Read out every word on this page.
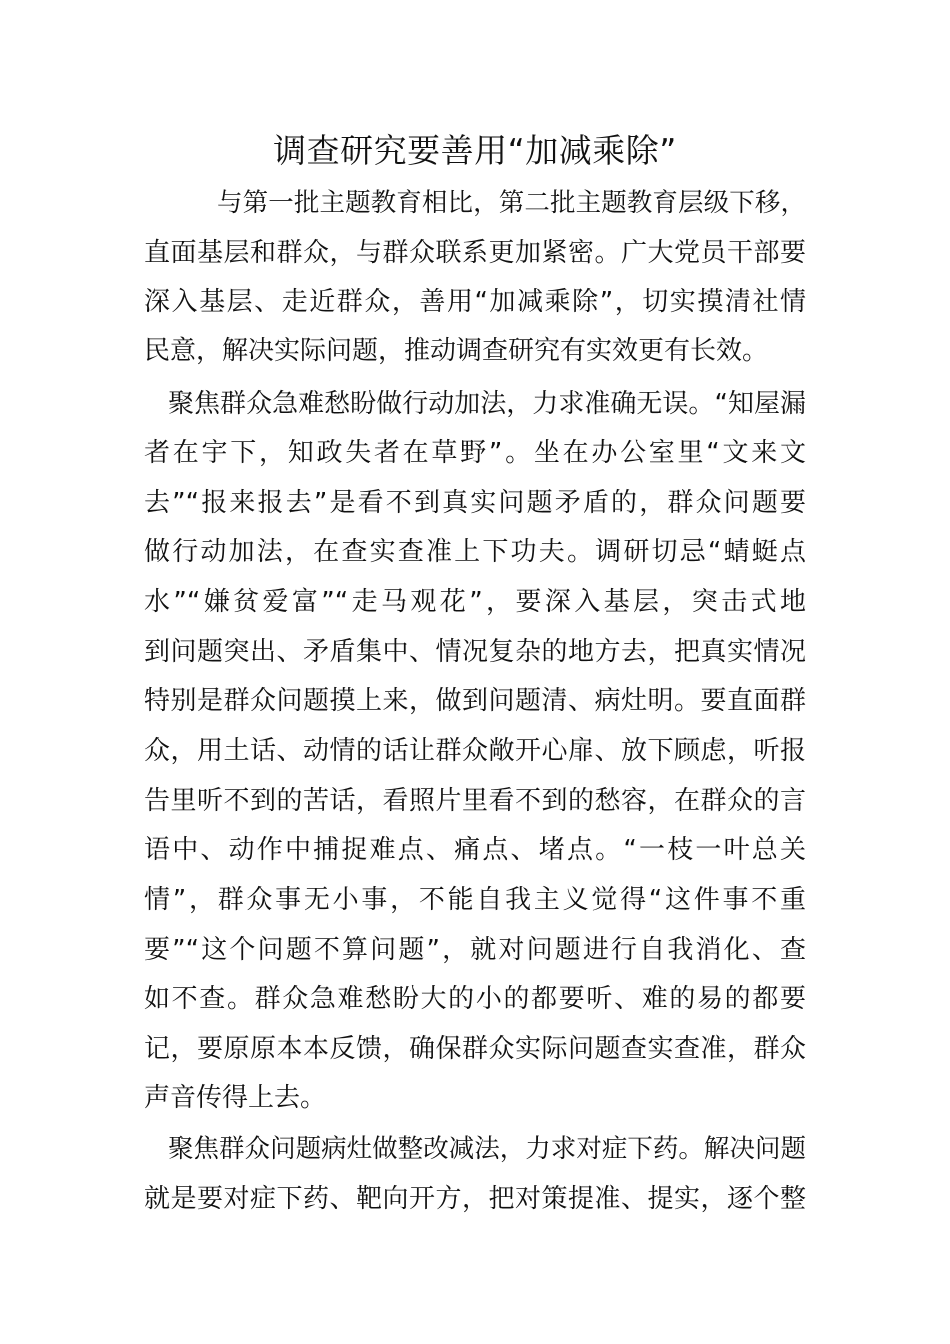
调查研究要善用“加减乘除”

与第一批主题教育相比，第二批主题教育层级下移，

直面基层和群众，与群众联系更加紧密。广大党员干部要

深入基层、走近群众，善用“加减乘除”，切实摸清社情

民意，解决实际问题，推动调查研究有实效更有长效。

聚焦群众急难愁盼做行动加法，力求准确无误。“知屋漏

者在宇下，知政失者在草野”。坐在办公室里“文来文

去”“报来报去”是看不到真实问题矛盾的，群众问题要

做行动加法，在查实查准上下功夫。调研切忌“蜻蜓点

水”“嫌贫爱富”“走马观花”，要深入基层，突击式地

到问题突出、矛盾集中、情况复杂的地方去，把真实情况

特别是群众问题摸上来，做到问题清、病灶明。要直面群

众，用土话、动情的话让群众敞开心扉、放下顾虑，听报

告里听不到的苦话，看照片里看不到的愁容，在群众的言

语中、动作中捕捉难点、痛点、堵点。“一枝一叶总关

情”，群众事无小事，不能自我主义觉得“这件事不重

要”“这个问题不算问题”，就对问题进行自我消化、查

如不查。群众急难愁盼大的小的都要听、难的易的都要

记，要原原本本反馈，确保群众实际问题查实查准，群众

声音传得上去。

聚焦群众问题病灶做整改减法，力求对症下药。解决问题

就是要对症下药、靶向开方，把对策提准、提实，逐个整
